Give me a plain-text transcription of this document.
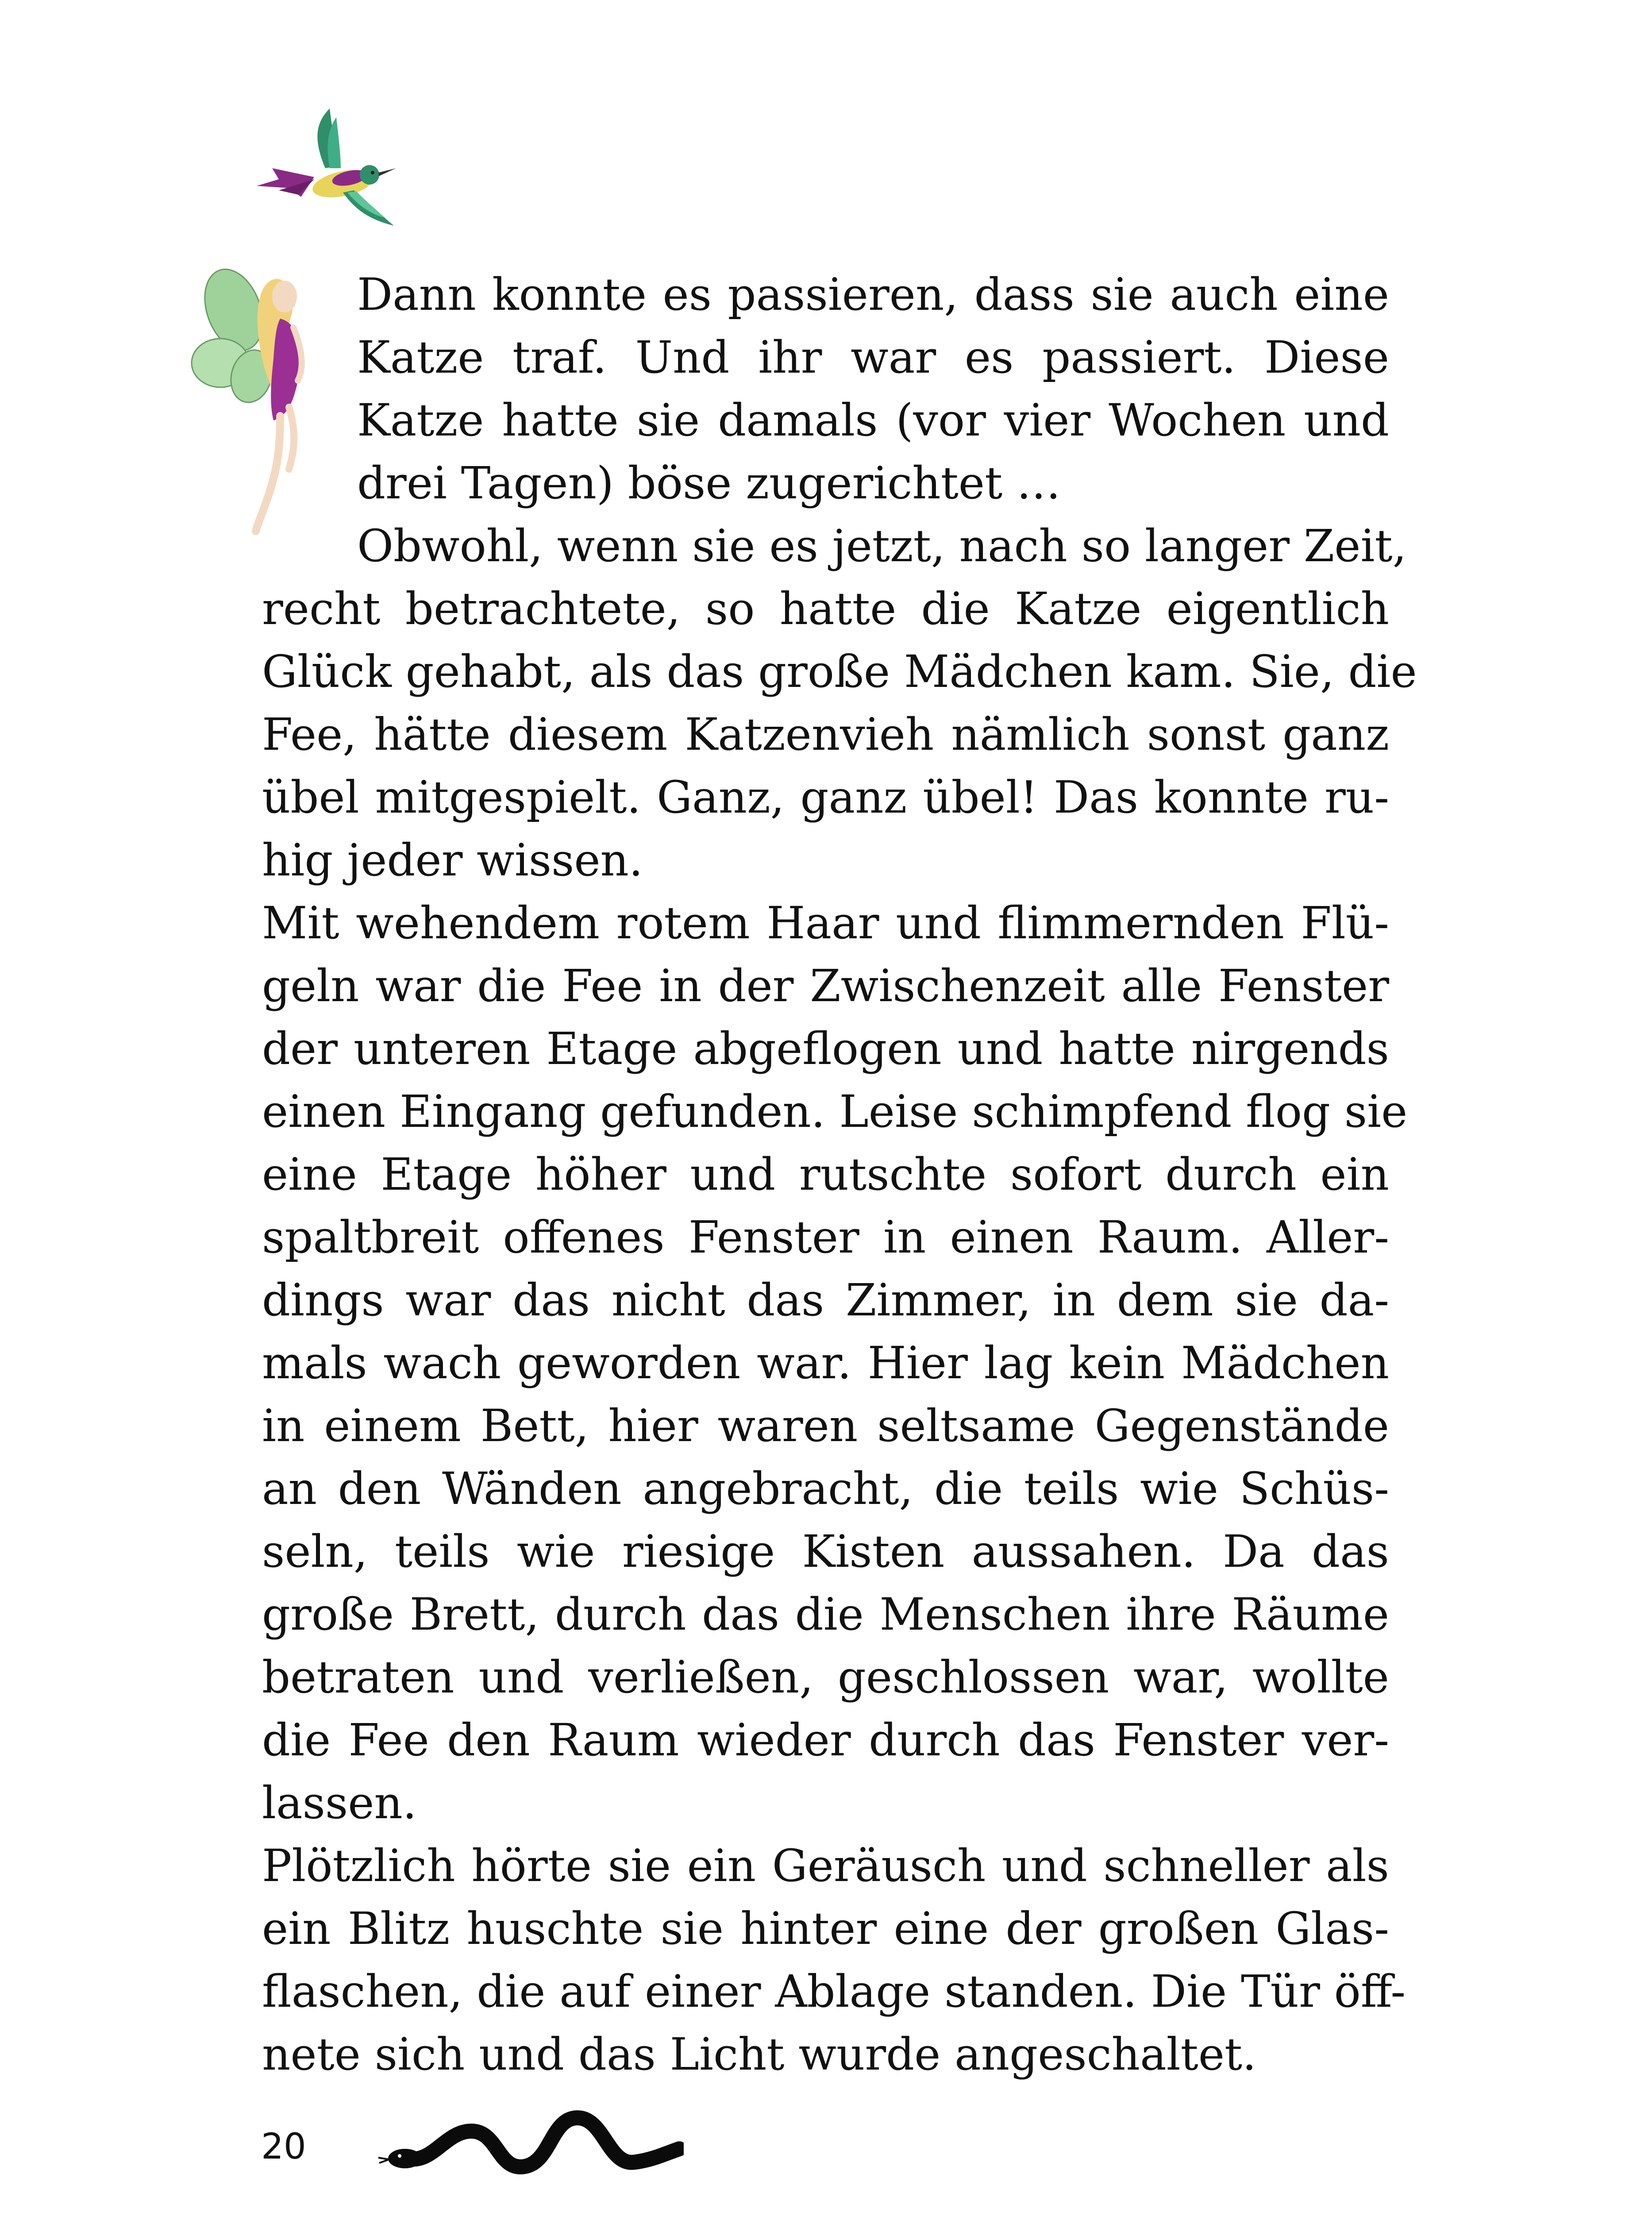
Dann konnte es passieren, dass sie auch eine
Katze traf. Und ihr war es passiert. Diese
Katze hatte sie damals (vor vier Wochen und
drei Tagen) böse zugerichtet …
Obwohl, wenn sie es jetzt, nach so langer Zeit,
recht betrachtete, so hatte die Katze eigentlich
Glück gehabt, als das große Mädchen kam. Sie, die
Fee, hätte diesem Katzenvieh nämlich sonst ganz
übel mitgespielt. Ganz, ganz übel! Das konnte ru-
hig jeder wissen.
Mit wehendem rotem Haar und flimmernden Flü-
geln war die Fee in der Zwischenzeit alle Fenster
der unteren Etage abgeflogen und hatte nirgends
einen Eingang gefunden. Leise schimpfend flog sie
eine Etage höher und rutschte sofort durch ein
spaltbreit offenes Fenster in einen Raum. Aller-
dings war das nicht das Zimmer, in dem sie da-
mals wach geworden war. Hier lag kein Mädchen
in einem Bett, hier waren seltsame Gegenstände
an den Wänden angebracht, die teils wie Schüs-
seln, teils wie riesige Kisten aussahen. Da das
große Brett, durch das die Menschen ihre Räume
betraten und verließen, geschlossen war, wollte
die Fee den Raum wieder durch das Fenster ver-
lassen.
Plötzlich hörte sie ein Geräusch und schneller als
ein Blitz huschte sie hinter eine der großen Glas-
flaschen, die auf einer Ablage standen. Die Tür öff-
nete sich und das Licht wurde angeschaltet.
20
